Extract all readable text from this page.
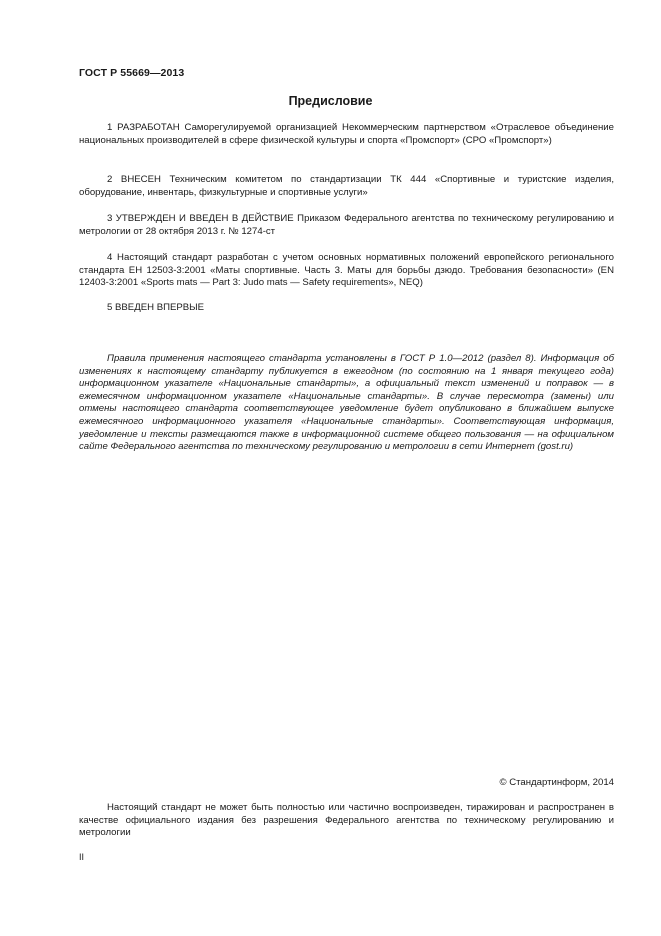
ГОСТ Р 55669—2013
Предисловие
1 РАЗРАБОТАН Саморегулируемой организацией Некоммерческим партнерством «Отраслевое объединение национальных производителей в сфере физической культуры и спорта «Промспорт» (СРО «Промспорт»)
2 ВНЕСЕН Техническим комитетом по стандартизации ТК 444 «Спортивные и туристские изделия, оборудование, инвентарь, физкультурные и спортивные услуги»
3 УТВЕРЖДЕН И ВВЕДЕН В ДЕЙСТВИЕ Приказом Федерального агентства по техническому регулированию и метрологии от 28 октября 2013 г. № 1274-ст
4 Настоящий стандарт разработан с учетом основных нормативных положений европейского регионального стандарта ЕН 12503-3:2001 «Маты спортивные. Часть 3. Маты для борьбы дзюдо. Требования безопасности» (EN 12403-3:2001 «Sports mats — Part 3: Judo mats — Safety requirements», NEQ)
5 ВВЕДЕН ВПЕРВЫЕ
Правила применения настоящего стандарта установлены в ГОСТ Р 1.0—2012 (раздел 8). Информация об изменениях к настоящему стандарту публикуется в ежегодном (по состоянию на 1 января текущего года) информационном указателе «Национальные стандарты», а официальный текст изменений и поправок — в ежемесячном информационном указателе «Национальные стандарты». В случае пересмотра (замены) или отмены настоящего стандарта соответствующее уведомление будет опубликовано в ближайшем выпуске ежемесячного информационного указателя «Национальные стандарты». Соответствующая информация, уведомление и тексты размещаются также в информационной системе общего пользования — на официальном сайте Федерального агентства по техническому регулированию и метрологии в сети Интернет (gost.ru)
© Стандартинформ, 2014
Настоящий стандарт не может быть полностью или частично воспроизведен, тиражирован и распространен в качестве официального издания без разрешения Федерального агентства по техническому регулированию и метрологии
II
